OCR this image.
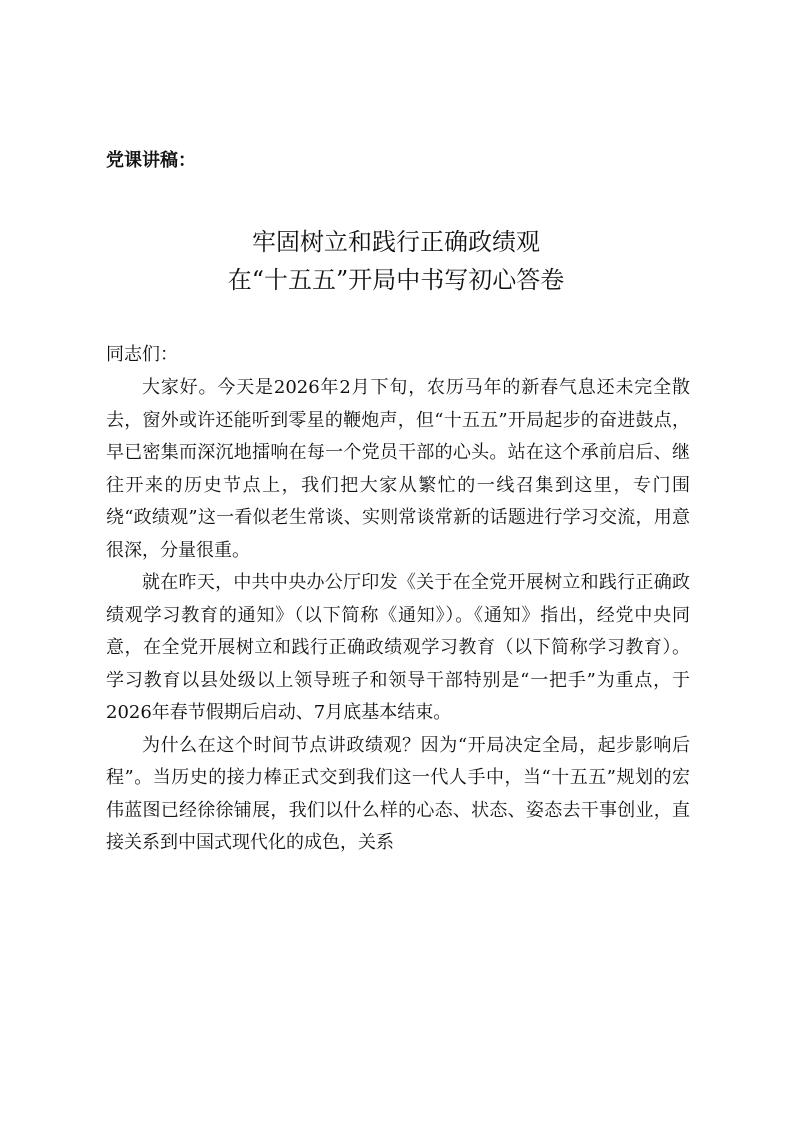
党课讲稿：
牢固树立和践行正确政绩观
在“十五五”开局中书写初心答卷
同志们：

大家好。今天是2026年2月下旬，农历马年的新春气息还未完全散去，窗外或许还能听到零星的鞭炮声，但“十五五”开局起步的奋进鼓点，早已密集而深沉地擂响在每一个党员干部的心头。站在这个承前启后、继往开来的历史节点上，我们把大家从繁忙的一线召集到这里，专门围绕“政绩观”这一看似老生常谈、实则常谈常新的话题进行学习交流，用意很深，分量很重。

就在昨天，中共中央办公厅印发《关于在全党开展树立和践行正确政绩观学习教育的通知》（以下简称《通知》）。《通知》指出，经党中央同意，在全党开展树立和践行正确政绩观学习教育（以下简称学习教育）。学习教育以县处级以上领导班子和领导干部特别是“一把手”为重点，于2026年春节假期后启动、7月底基本结束。

为什么在这个时间节点讲政绩观？因为“开局决定全局，起步影响后程”。当历史的接力棒正式交到我们这一代人手中，当“十五五”规划的宏伟蓝图已经徐徐铺展，我们以什么样的心态、状态、姿态去干事创业，直接关系到中国式现代化的成色，关系
